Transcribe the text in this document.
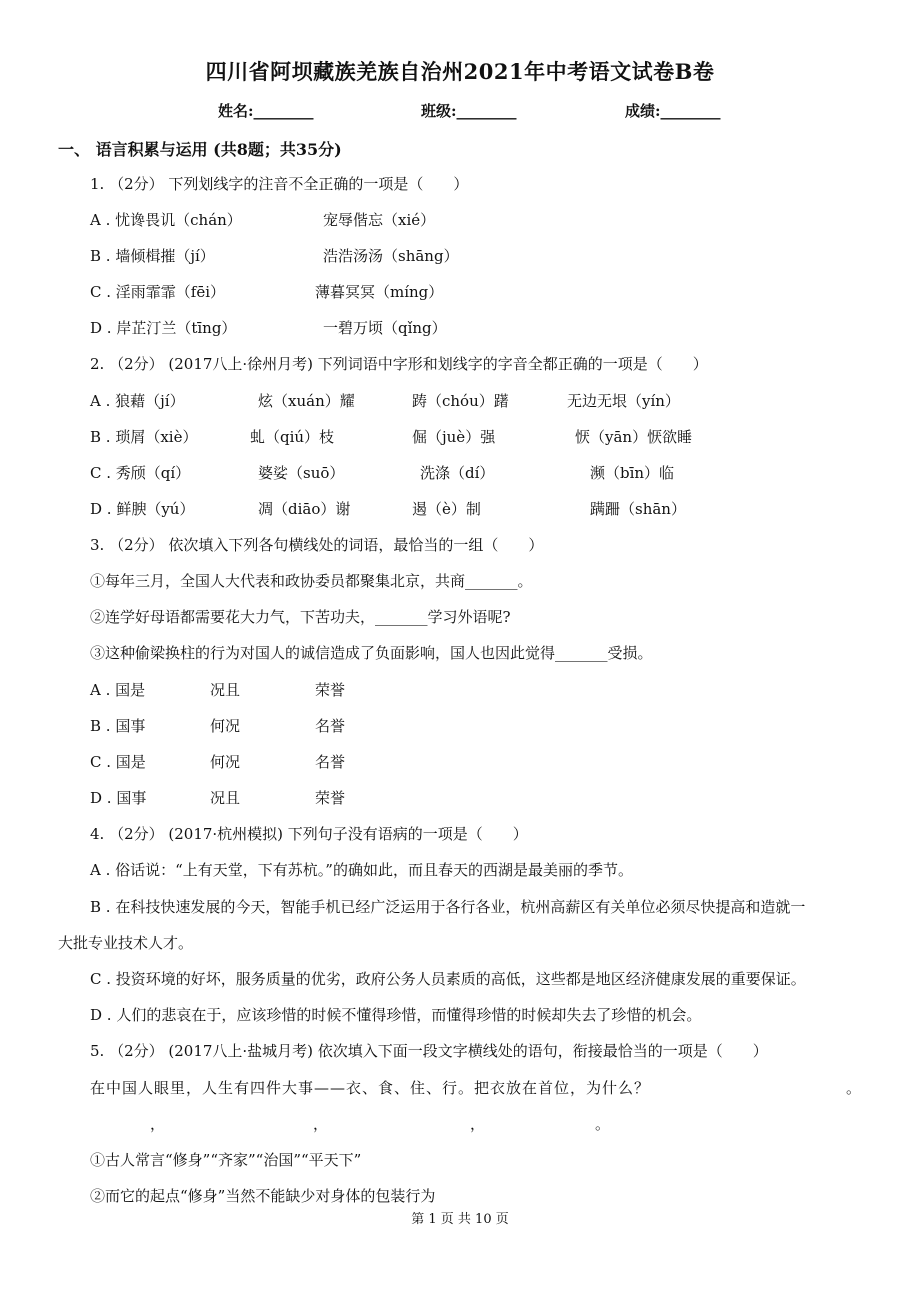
四川省阿坝藏族羌族自治州2021年中考语文试卷B卷
姓名:________	班级:________	成绩:________
一、 语言积累与运用 (共8题；共35分)
1. （2分） 下列划线字的注音不全正确的一项是（　　）
A . 忧谗畏讥（chán）	宠辱偕忘（xié）
B . 墙倾楫摧（jí）	浩浩汤汤（shāng）
C . 淫雨霏霏（fēi）	薄暮冥冥（míng）
D . 岸芷汀兰（tīng）	一碧万顷（qǐng）
2. （2分） (2017八上·徐州月考) 下列词语中字形和划线字的字音全都正确的一项是（　　）
A . 狼藉（jí）	炫（xuán）耀	踌（chóu）躇	无边无垠（yín）
B . 琐屑（xiè）	虬（qiú）枝	倔（juè）强	恹（yān）恹欲睡
C . 秀颀（qí）	婆娑（suō）	洗涤（dí）	濒（bīn）临
D . 鲜腴（yú）	凋（diāo）谢	遏（è）制	蹒跚（shān）
3. （2分） 依次填入下列各句横线处的词语，最恰当的一组（　　）
①每年三月，全国人大代表和政协委员都聚集北京，共商_______。
②连学好母语都需要花大力气，下苦功夫，_______学习外语呢?
③这种偷梁换柱的行为对国人的诚信造成了负面影响，国人也因此觉得_______受损。
A . 国是	况且	荣誉
B . 国事	何况	名誉
C . 国是	何况	名誉
D . 国事	况且	荣誉
4. （2分） (2017·杭州模拟) 下列句子没有语病的一项是（　　）
A . 俗话说：“上有天堂，下有苏杭。”的确如此，而且春天的西湖是最美丽的季节。
B . 在科技快速发展的今天，智能手机已经广泛运用于各行各业，杭州高薪区有关单位必须尽快提高和造就一
大批专业技术人才。
C . 投资环境的好坏，服务质量的优劣，政府公务人员素质的高低，这些都是地区经济健康发展的重要保证。
D . 人们的悲哀在于，应该珍惜的时候不懂得珍惜，而懂得珍惜的时候却失去了珍惜的机会。
5. （2分） (2017八上·盐城月考) 依次填入下面一段文字横线处的语句，衔接最恰当的一项是（　　）
在中国人眼里，人生有四件大事——衣、食、住、行。把衣放在首位，为什么？	。
，	，	，	。
①古人常言“修身”“齐家”“治国”“平天下”
②而它的起点“修身”当然不能缺少对身体的包装行为
第 1 页 共 10 页
